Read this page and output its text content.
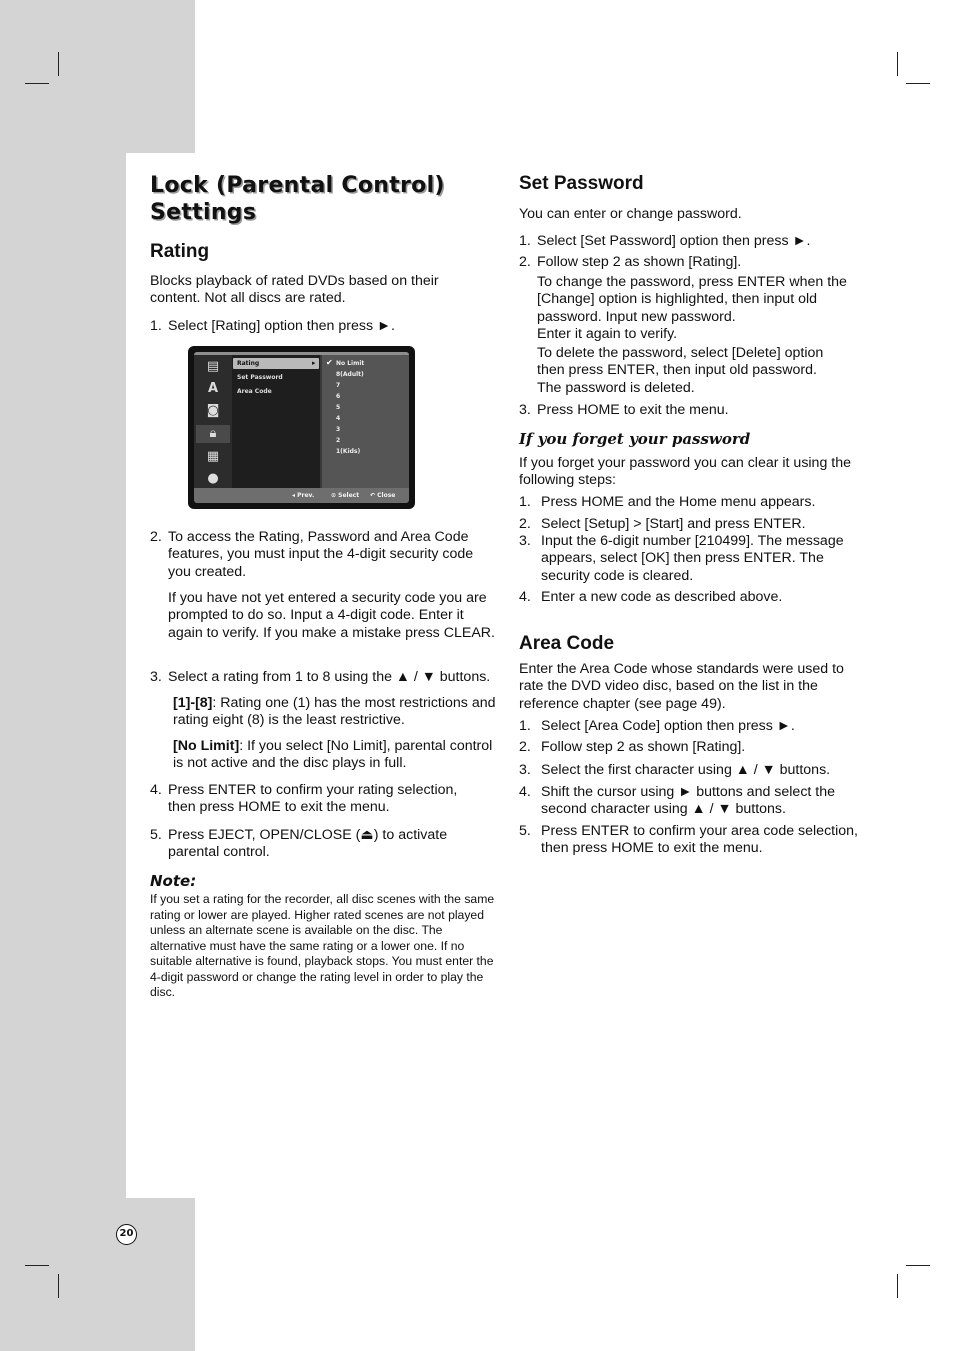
Lock (Parental Control) Settings
Rating

Blocks playback of rated DVDs based on their content. Not all discs are rated.

1. Select [Rating] option then press ►.
▤
A
◙
🔒︎
▦
●
Rating	▸
Set Password
Area Code
✔ No Limit
8(Adult)
7
6
5
4
3
2
1(Kids)
◂ Prev.	⊙ Select ↶ Close
2. To access the Rating, Password and Area Code features, you must input the 4-digit security code you created.

If you have not yet entered a security code you are prompted to do so. Input a 4-digit code. Enter it again to verify. If you make a mistake press CLEAR.

3. Select a rating from 1 to 8 using the ▲ / ▼ buttons.

[1]-[8]: Rating one (1) has the most restrictions and rating eight (8) is the least restrictive.

[No Limit]: If you select [No Limit], parental control is not active and the disc plays in full.

4. Press ENTER to confirm your rating selection, then press HOME to exit the menu.
5. Press EJECT, OPEN/CLOSE (⏏) to activate parental control.

Note:

If you set a rating for the recorder, all disc scenes with the same rating or lower are played. Higher rated scenes are not played unless an alternate scene is available on the disc. The alternative must have the same rating or a lower one. If no suitable alternative is found, playback stops. You must enter the 4-digit password or change the rating level in order to play the disc.

Set Password

You can enter or change password.

1. Select [Set Password] option then press ►.
2. Follow step 2 as shown [Rating].

To change the password, press ENTER when the [Change] option is highlighted, then input old password. Input new password.

Enter it again to verify.

To delete the password, select [Delete] option then press ENTER, then input old password. The password is deleted.

3. Press HOME to exit the menu.

If you forget your password

If you forget your password you can clear it using the following steps:

1. Press HOME and the Home menu appears.
2. Select [Setup] > [Start] and press ENTER.
3. Input the 6-digit number [210499]. The message appears, select [OK] then press ENTER. The security code is cleared.
4. Enter a new code as described above.
Area Code

Enter the Area Code whose standards were used to rate the DVD video disc, based on the list in the reference chapter (see page 49).

1. Select [Area Code] option then press ►.
2. Follow step 2 as shown [Rating].
3. Select the first character using ▲ / ▼ buttons.
4. Shift the cursor using ► buttons and select the second character using ▲ / ▼ buttons.
5. Press ENTER to confirm your area code selection, then press HOME to exit the menu.
20
